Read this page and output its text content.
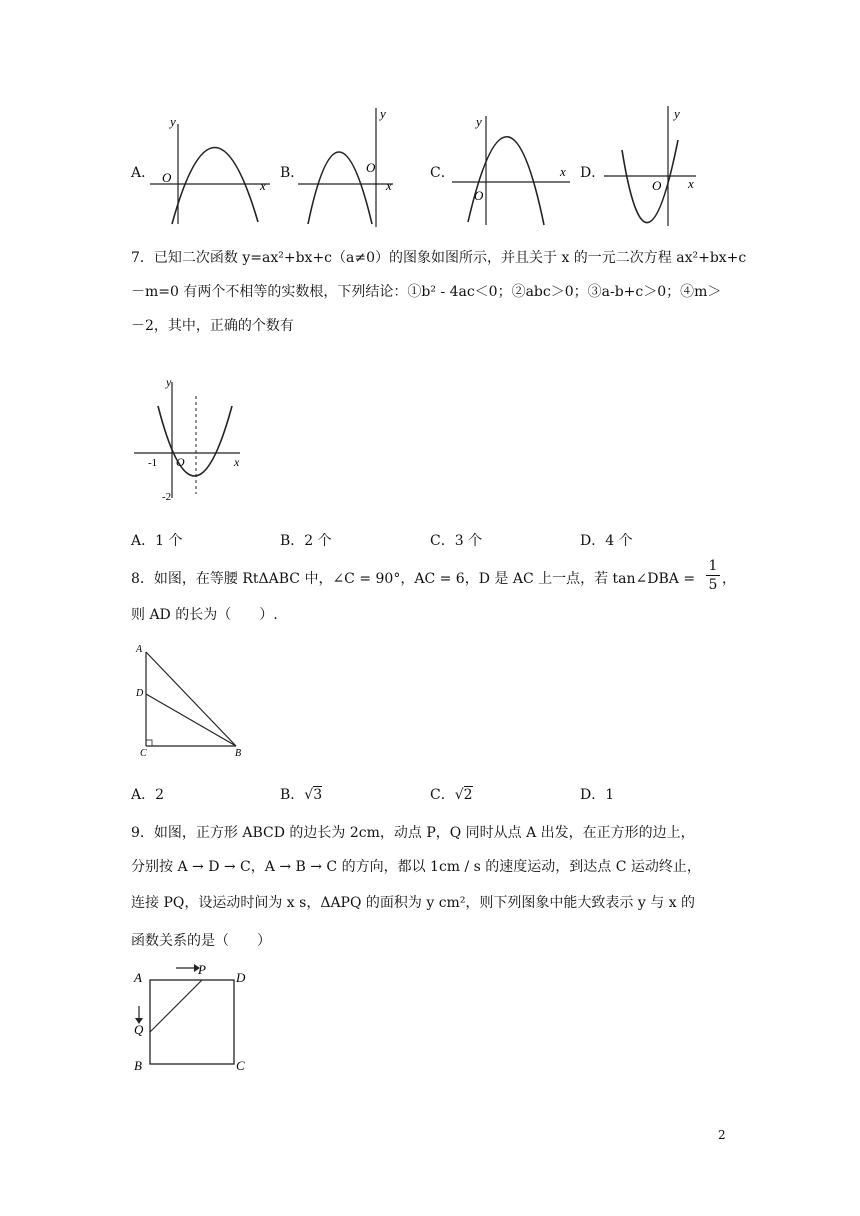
A．
x
y
O	B．
x
y
O	C．	x
y
O
D．
x
y
O
7．已知二次函数 y=ax²+bx+c（a≠0）的图象如图所示，并且关于 x 的一元二次方程 ax²+bx+c
－m=0 有两个不相等的实数根，下列结论：①b² - 4ac＜0；②abc＞0；③a-b+c＞0；④m＞
－2，其中，正确的个数有
x
y
O
-1
-2
A．1 个	B．2 个	C．3 个	D．4 个
8．如图，在等腰 RtΔABC 中，∠C = 90°，AC = 6，D 是 AC 上一点，若 tan∠DBA =
1
5 ，
则 AD 的长为（　　）.
A
D
C	B
A．2	B．√3	C．√2	D．1
9．如图，正方形 ABCD 的边长为 2cm，动点 P，Q 同时从点 A 出发，在正方形的边上，
分别按 A → D → C，A → B → C 的方向，都以 1cm / s 的速度运动，到达点 C 运动终止，
连接 PQ，设运动时间为 x s，ΔAPQ 的面积为 y cm²，则下列图象中能大致表示 y 与 x 的
函数关系的是（　　）
A	D
B	C
P
Q
2
